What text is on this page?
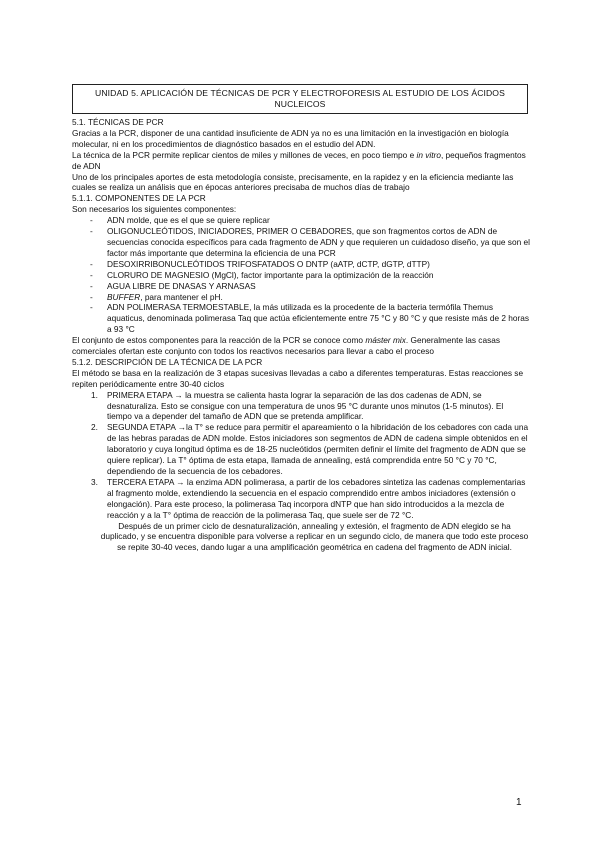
UNIDAD 5. APLICACIÓN DE TÉCNICAS DE PCR Y ELECTROFORESIS AL ESTUDIO DE LOS ÁCIDOS NUCLEICOS

5.1. TÉCNICAS DE PCR

Gracias a la PCR, disponer de una cantidad insuficiente de ADN ya no es una limitación en la investigación en biología molecular, ni en los procedimientos de diagnóstico basados en el estudio del ADN.

La técnica de la PCR permite replicar cientos de miles y millones de veces, en poco tiempo e in vitro, pequeños fragmentos de ADN

Uno de los principales aportes de esta metodología consiste, precisamente, en la rapidez y en la eficiencia mediante las cuales se realiza un análisis que en épocas anteriores precisaba de muchos días de trabajo

5.1.1. COMPONENTES DE LA PCR

Son necesarios los siguientes componentes:

- ADN molde, que es el que se quiere replicar
- OLIGONUCLEÓTIDOS, INICIADORES, PRIMER O CEBADORES, que son fragmentos cortos de ADN de secuencias conocida específicos para cada fragmento de ADN y que requieren un cuidadoso diseño, ya que son el factor más importante que determina la eficiencia de una PCR
- DESOXIRRIBONUCLEÓTIDOS TRIFOSFATADOS O DNTP (aATP, dCTP, dGTP, dTTP)
- CLORURO DE MAGNESIO (MgCl), factor importante para la optimización de la reacción
- AGUA LIBRE DE DNASAS Y ARNASAS
- BUFFER, para mantener el pH.
- ADN POLIMERASA TERMOESTABLE, la más utilizada es la procedente de la bacteria termófila Themus aquaticus, denominada polimerasa Taq que actúa eficientemente entre 75 °C y 80 °C y que resiste más de 2 horas a 93 °C

El conjunto de estos componentes para la reacción de la PCR se conoce como máster mix. Generalmente las casas comerciales ofertan este conjunto con todos los reactivos necesarios para llevar a cabo el proceso

5.1.2. DESCRIPCIÓN DE LA TÉCNICA DE LA PCR

El método se basa en la realización de 3 etapas sucesivas llevadas a cabo a diferentes temperaturas. Estas reacciones se repiten periódicamente entre 30-40 ciclos

1. PRIMERA ETAPA → la muestra se calienta hasta lograr la separación de las dos cadenas de ADN, se desnaturaliza. Esto se consigue con una temperatura de unos 95 °C durante unos minutos (1-5 minutos). El tiempo va a depender del tamaño de ADN que se pretenda amplificar.
2. SEGUNDA ETAPA →la T° se reduce para permitir el apareamiento o la hibridación de los cebadores con cada una de las hebras paradas de ADN molde. Estos iniciadores son segmentos de ADN de cadena simple obtenidos en el laboratorio y cuya longitud óptima es de 18-25 nucleótidos (permiten definir el límite del fragmento de ADN que se quiere replicar). La T° óptima de esta etapa, llamada de annealing, está comprendida entre 50 °C y 70 °C, dependiendo de la secuencia de los cebadores.
3. TERCERA ETAPA → la enzima ADN polimerasa, a partir de los cebadores sintetiza las cadenas complementarias al fragmento molde, extendiendo la secuencia en el espacio comprendido entre ambos iniciadores (extensión o elongación). Para este proceso, la polimerasa Taq incorpora dNTP que han sido introducidos a la mezcla de reacción y a la T° óptima de reacción de la polimerasa Taq, que suele ser de 72 °C.

Después de un primer ciclo de desnaturalización, annealing y extesión, el fragmento de ADN elegido se ha duplicado, y se encuentra disponible para volverse a replicar en un segundo ciclo, de manera que todo este proceso se repite 30-40 veces, dando lugar a una amplificación geométrica en cadena del fragmento de ADN inicial.

1
